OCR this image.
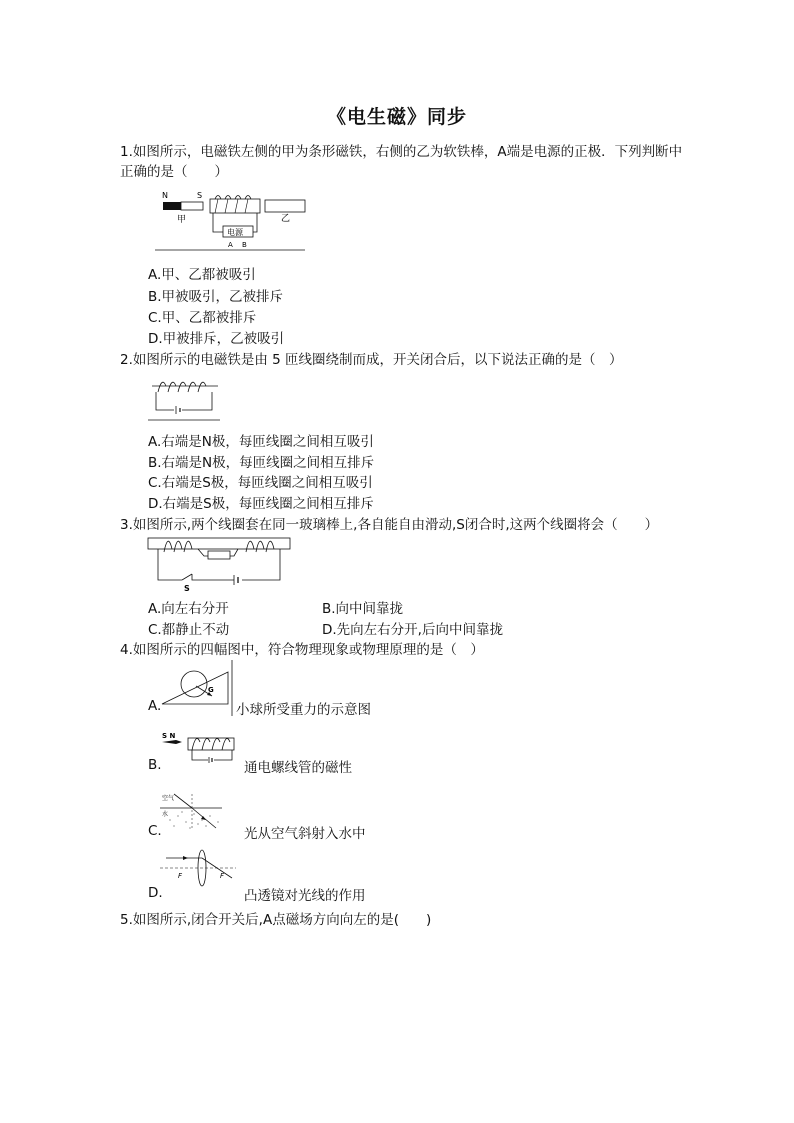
《电生磁》同步
1.如图所示，电磁铁左侧的甲为条形磁铁，右侧的乙为软铁棒，A端是电源的正极．下列判断中
正确的是（　　）
N	S
甲	乙
电源
A B
A.甲、乙都被吸引
B.甲被吸引，乙被排斥
C.甲、乙都被排斥
D.甲被排斥，乙被吸引
2.如图所示的电磁铁是由 5 匝线圈绕制而成，开关闭合后，以下说法正确的是（　）
A.右端是N极，每匝线圈之间相互吸引
B.右端是N极，每匝线圈之间相互排斥
C.右端是S极，每匝线圈之间相互吸引
D.右端是S极，每匝线圈之间相互排斥
3.如图所示,两个线圈套在同一玻璃棒上,各自能自由滑动,S闭合时,这两个线圈将会（　　）
S
A.向左右分开	B.向中间靠拢
C.都静止不动	D.先向左右分开,后向中间靠拢
4.如图所示的四幅图中，符合物理现象或物理原理的是（　）
G
A.	小球所受重力的示意图
S N
B.	通电螺线管的磁性
空气
水
C.	光从空气斜射入水中
F	F
D.	凸透镜对光线的作用
5.如图所示,闭合开关后,A点磁场方向向左的是(　　)
